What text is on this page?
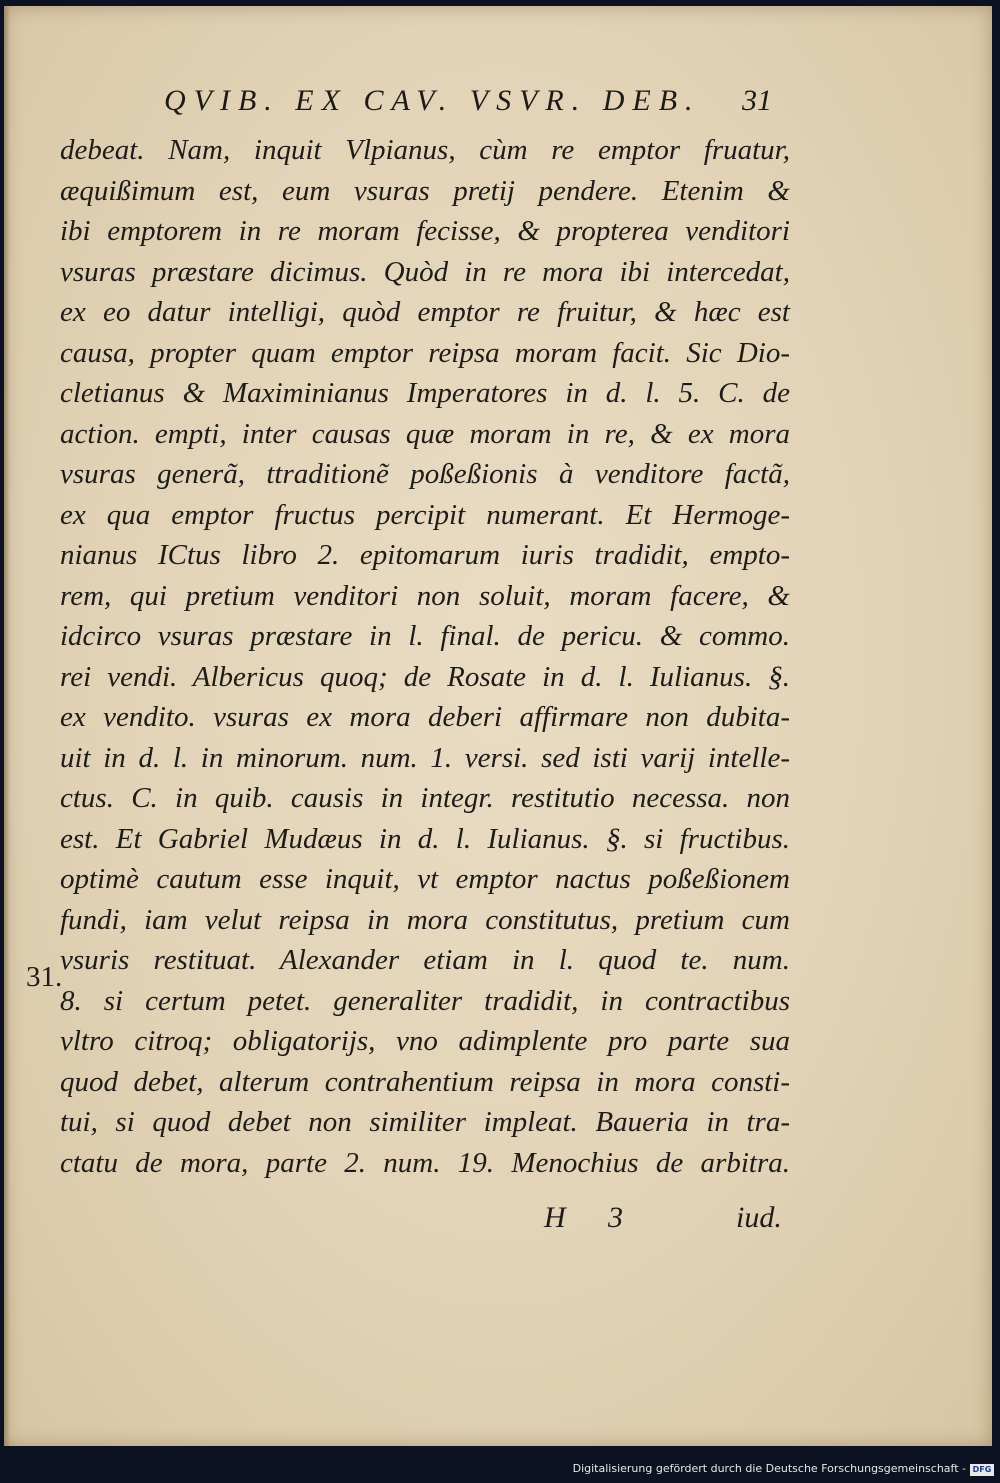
QVIB. EX CAV. VSVR. DEB.	31
debeat. Nam, inquit Vlpianus, cùm re emptor fruatur,
æquißimum est, eum vsuras pretij pendere. Etenim &
ibi emptorem in re moram fecisse, & propterea venditori
vsuras præstare dicimus. Quòd in re mora ibi intercedat,
ex eo datur intelligi, quòd emptor re fruitur, & hæc est
causa, propter quam emptor reipsa moram facit. Sic Dio-
cletianus & Maximinianus Imperatores in d. l. 5. C. de
action. empti, inter causas quæ moram in re, & ex mora
vsuras generã, ttraditionẽ poßeßionis à venditore factã,
ex qua emptor fructus percipit numerant. Et Hermoge-
nianus ICtus libro 2. epitomarum iuris tradidit, empto-
rem, qui pretium venditori non soluit, moram facere, &
idcirco vsuras præstare in l. final. de pericu. & commo.
rei vendi. Albericus quoq; de Rosate in d. l. Iulianus. §.
ex vendito. vsuras ex mora deberi affirmare non dubita-
uit in d. l. in minorum. num. 1. versi. sed isti varij intelle-
ctus. C. in quib. causis in integr. restitutio necessa. non
est. Et Gabriel Mudæus in d. l. Iulianus. §. si fructibus.
optimè cautum esse inquit, vt emptor nactus poßeßionem
fundi, iam velut reipsa in mora constitutus, pretium cum
vsuris restituat. Alexander etiam in l. quod te. num.
8. si certum petet. generaliter tradidit, in contractibus
vltro citroq; obligatorijs, vno adimplente pro parte sua
quod debet, alterum contrahentium reipsa in mora consti-
tui, si quod debet non similiter impleat. Baueria in tra-
ctatu de mora, parte 2. num. 19. Menochius de arbitra.
31.
H 3	iud.
Digitalisierung gefördert durch die Deutsche Forschungsgemeinschaft - DFG
